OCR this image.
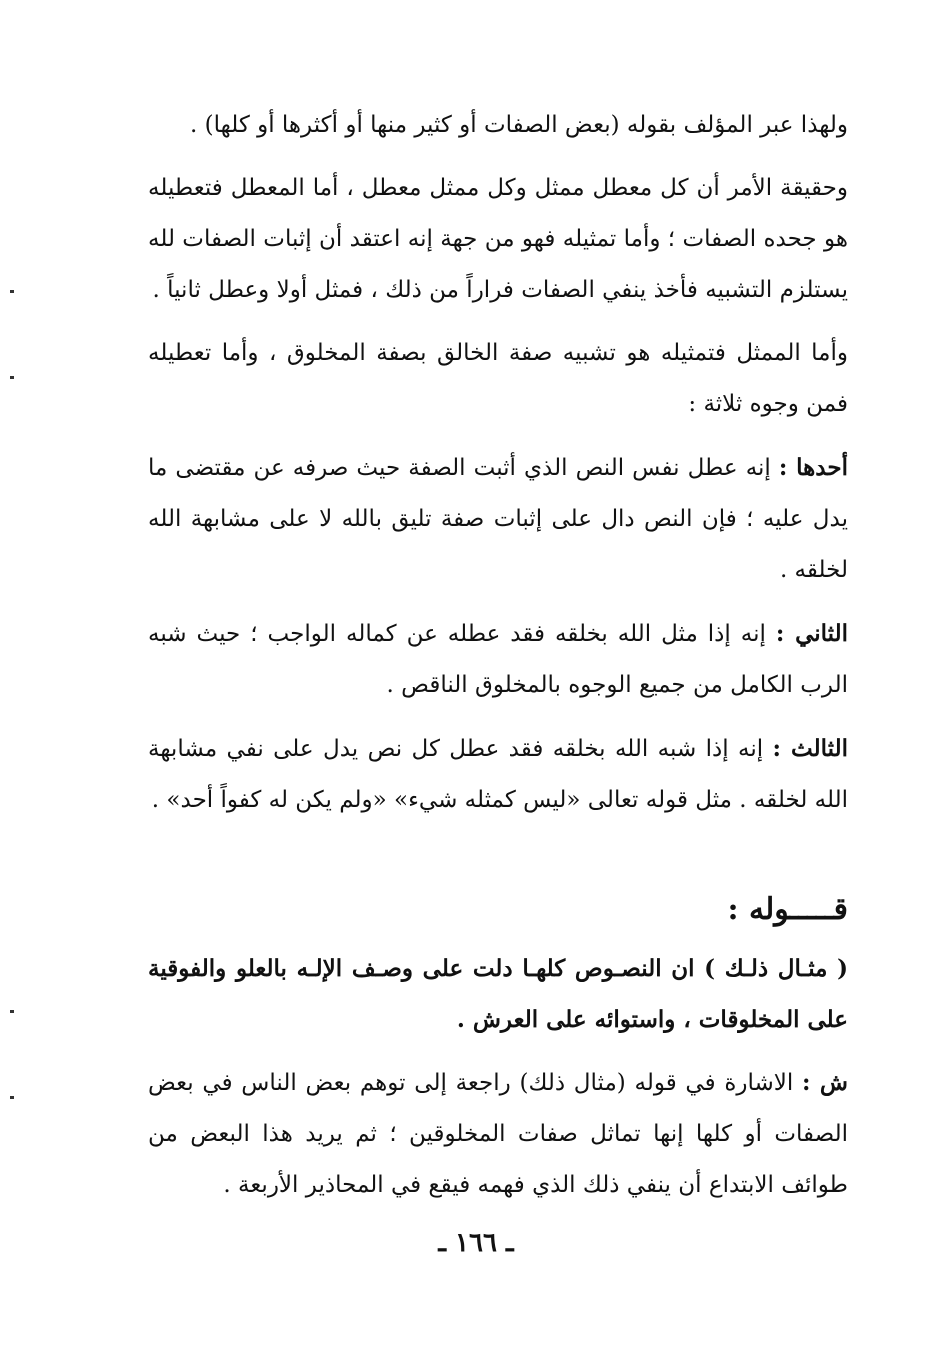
ولهذا عبر المؤلف بقوله (بعض الصفات أو كثير منها أو أكثرها أو كلها) .

وحقيقة الأمر أن كل معطل ممثل وكل ممثل معطل ، أما المعطل فتعطيله هو جحده الصفات ؛ وأما تمثيله فهو من جهة إنه اعتقد أن إثبات الصفات لله يستلزم التشبيه فأخذ ينفي الصفات فراراً من ذلك ، فمثل أولا وعطل ثانياً .

وأما الممثل فتمثيله هو تشبيه صفة الخالق بصفة المخلوق ، وأما تعطيله فمن وجوه ثلاثة :

أحدها : إنه عطل نفس النص الذي أثبت الصفة حيث صرفه عن مقتضى ما يدل عليه ؛ فإن النص دال على إثبات صفة تليق بالله لا على مشابهة الله لخلقه .

الثاني : إنه إذا مثل الله بخلقه فقد عطله عن كماله الواجب ؛ حيث شبه الرب الكامل من جميع الوجوه بالمخلوق الناقص .

الثالث : إنه إذا شبه الله بخلقه فقد عطل كل نص يدل على نفي مشابهة الله لخلقه . مثل قوله تعالى «ليس كمثله شيء» «ولم يكن له كفواً أحد» .

قـــــوله :

( مثـال ذلـك ) ان النصـوص كلهـا دلت على وصـف الإلـه بالعلو والفوقية على المخلوقات ، واستوائه على العرش .

ش : الاشارة في قوله (مثال ذلك) راجعة إلى توهم بعض الناس في بعض الصفات أو كلها إنها تماثل صفات المخلوقين ؛ ثم يريد هذا البعض من طوائف الابتداع أن ينفي ذلك الذي فهمه فيقع في المحاذير الأربعة .

ـ ١٦٦ ـ
